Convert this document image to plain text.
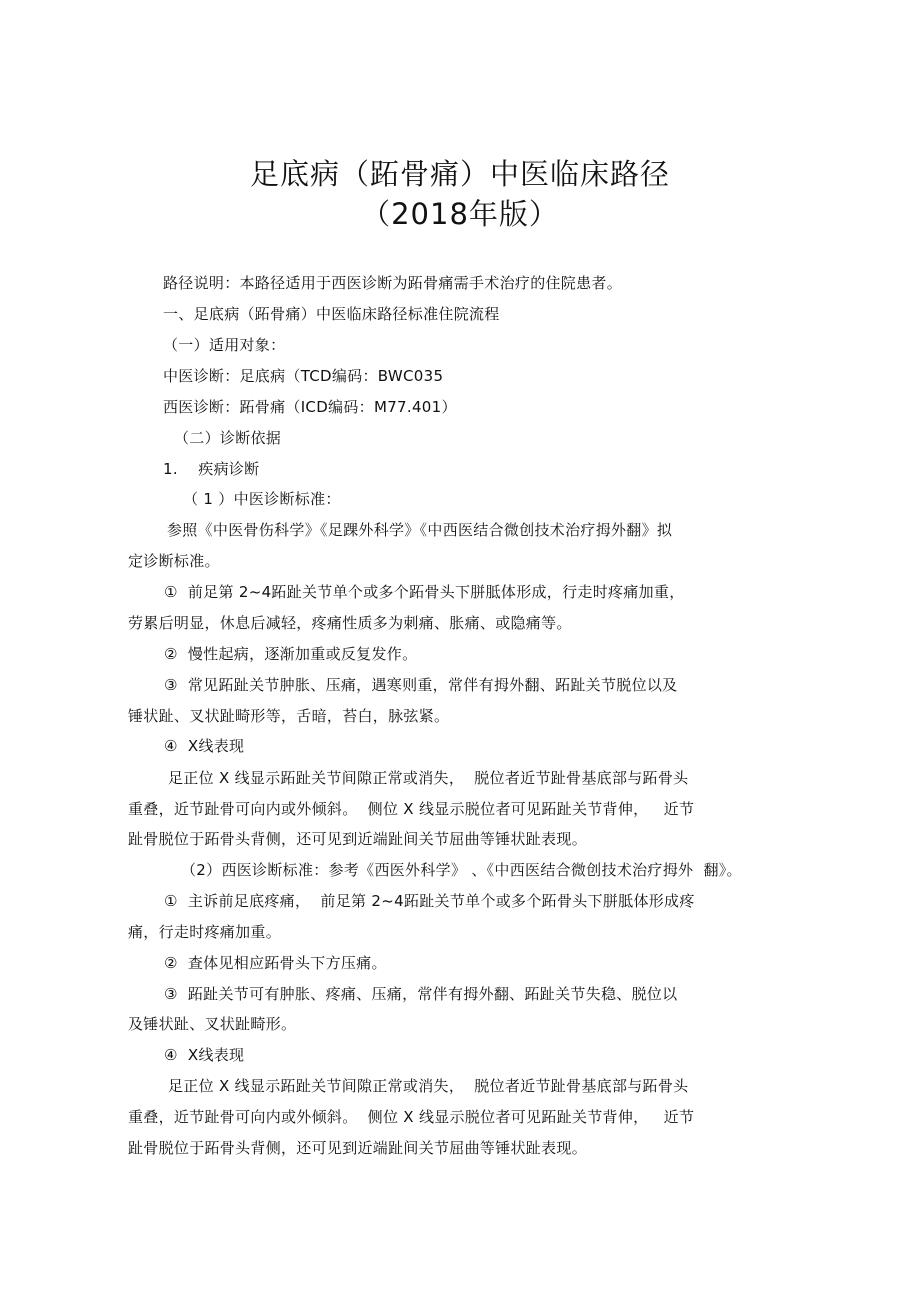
足底病（跖骨痛）中医临床路径
（2018年版）
路径说明：本路径适用于西医诊断为跖骨痛需手术治疗的住院患者。
一、足底病（跖骨痛）中医临床路径标准住院流程
（一）适用对象：
中医诊断：足底病（TCD编码：BWC035
西医诊断：跖骨痛（ICD编码：M77.401）
（二）诊断依据
1.　 疾病诊断
（ 1 ）中医诊断标准：
参照《中医骨伤科学》《足踝外科学》《中西医结合微创技术治疗拇外翻》拟
定诊断标准。
①  前足第 2~4跖趾关节单个或多个跖骨头下胼胝体形成，行走时疼痛加重，
劳累后明显，休息后减轻，疼痛性质多为刺痛、胀痛、或隐痛等。
②  慢性起病，逐渐加重或反复发作。
③  常见跖趾关节肿胀、压痛，遇寒则重，常伴有拇外翻、跖趾关节脱位以及
锤状趾、叉状趾畸形等，舌暗，苔白，脉弦紧。
④  X线表现
足正位 X 线显示跖趾关节间隙正常或消失，  脱位者近节趾骨基底部与跖骨头
重叠，近节趾骨可向内或外倾斜。  侧位 X 线显示脱位者可见跖趾关节背伸，   近节
趾骨脱位于跖骨头背侧，还可见到近端趾间关节屈曲等锤状趾表现。
（2）西医诊断标准：参考《西医外科学》 、《中西医结合微创技术治疗拇外  翻》。
①  主诉前足底疼痛，  前足第 2~4跖趾关节单个或多个跖骨头下胼胝体形成疼
痛，行走时疼痛加重。
②  查体见相应跖骨头下方压痛。
③  跖趾关节可有肿胀、疼痛、压痛，常伴有拇外翻、跖趾关节失稳、脱位以
及锤状趾、叉状趾畸形。
④  X线表现
足正位 X 线显示跖趾关节间隙正常或消失，  脱位者近节趾骨基底部与跖骨头
重叠，近节趾骨可向内或外倾斜。  侧位 X 线显示脱位者可见跖趾关节背伸，   近节
趾骨脱位于跖骨头背侧，还可见到近端趾间关节屈曲等锤状趾表现。
